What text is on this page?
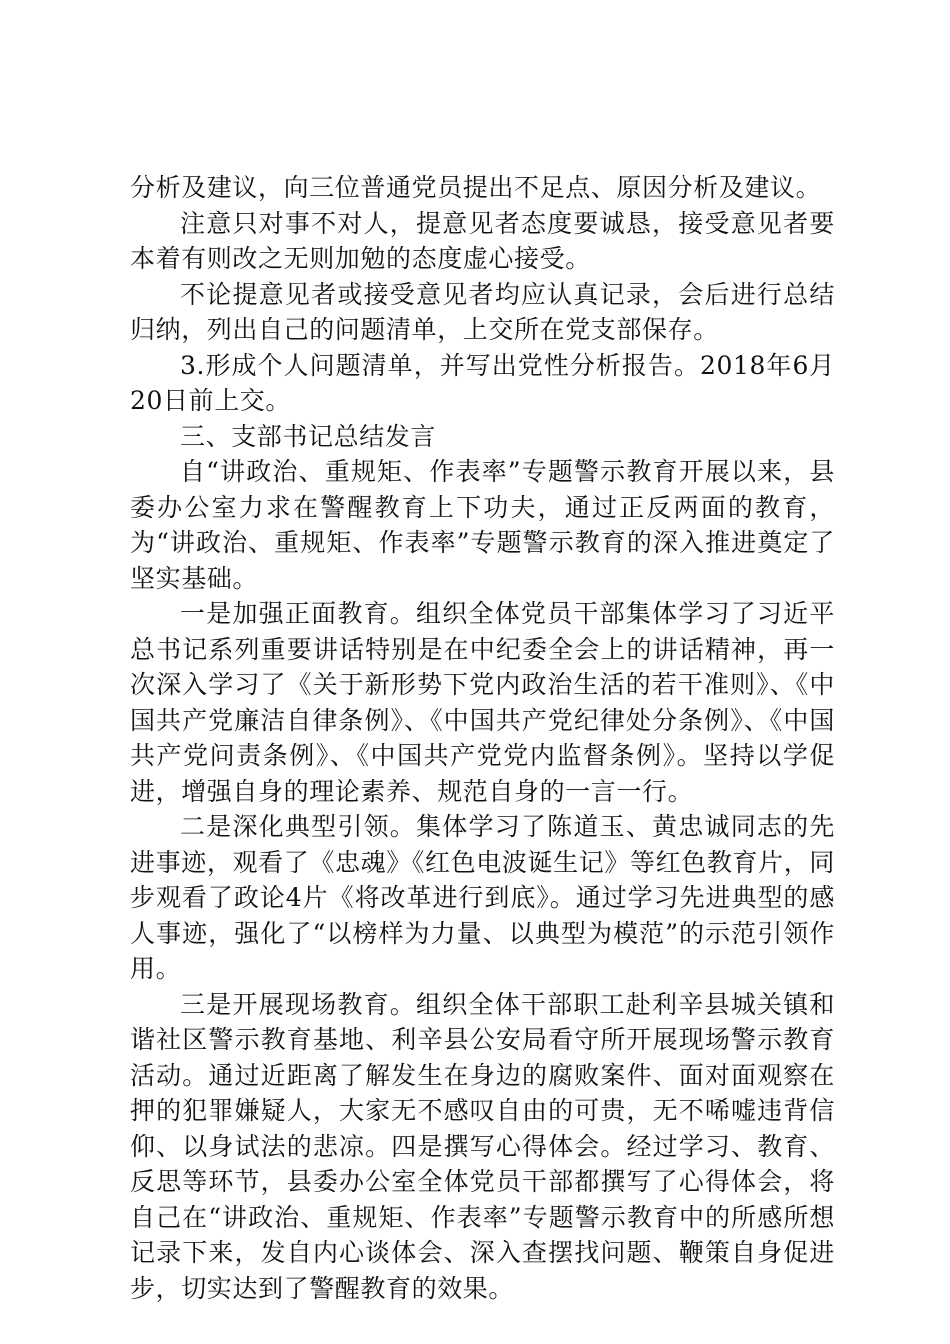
分析及建议，向三位普通党员提出不足点、原因分析及建议。

注意只对事不对人，提意见者态度要诚恳，接受意见者要本着有则改之无则加勉的态度虚心接受。

不论提意见者或接受意见者均应认真记录，会后进行总结归纳，列出自己的问题清单，上交所在党支部保存。

3.形成个人问题清单，并写出党性分析报告。2018年6月20日前上交。

三、支部书记总结发言

自“讲政治、重规矩、作表率”专题警示教育开展以来，县委办公室力求在警醒教育上下功夫，通过正反两面的教育，为“讲政治、重规矩、作表率”专题警示教育的深入推进奠定了坚实基础。

一是加强正面教育。组织全体党员干部集体学习了习近平总书记系列重要讲话特别是在中纪委全会上的讲话精神，再一次深入学习了《关于新形势下党内政治生活的若干准则》、《中国共产党廉洁自律条例》、《中国共产党纪律处分条例》、《中国共产党问责条例》、《中国共产党党内监督条例》。坚持以学促进，增强自身的理论素养、规范自身的一言一行。

二是深化典型引领。集体学习了陈道玉、黄忠诚同志的先进事迹，观看了《忠魂》《红色电波诞生记》等红色教育片，同步观看了政论4片《将改革进行到底》。通过学习先进典型的感人事迹，强化了“以榜样为力量、以典型为模范”的示范引领作用。

三是开展现场教育。组织全体干部职工赴利辛县城关镇和谐社区警示教育基地、利辛县公安局看守所开展现场警示教育活动。通过近距离了解发生在身边的腐败案件、面对面观察在押的犯罪嫌疑人，大家无不感叹自由的可贵，无不唏嘘违背信仰、以身试法的悲凉。四是撰写心得体会。经过学习、教育、反思等环节，县委办公室全体党员干部都撰写了心得体会，将自己在“讲政治、重规矩、作表率”专题警示教育中的所感所想记录下来，发自内心谈体会、深入查摆找问题、鞭策自身促进步，切实达到了警醒教育的效果。
